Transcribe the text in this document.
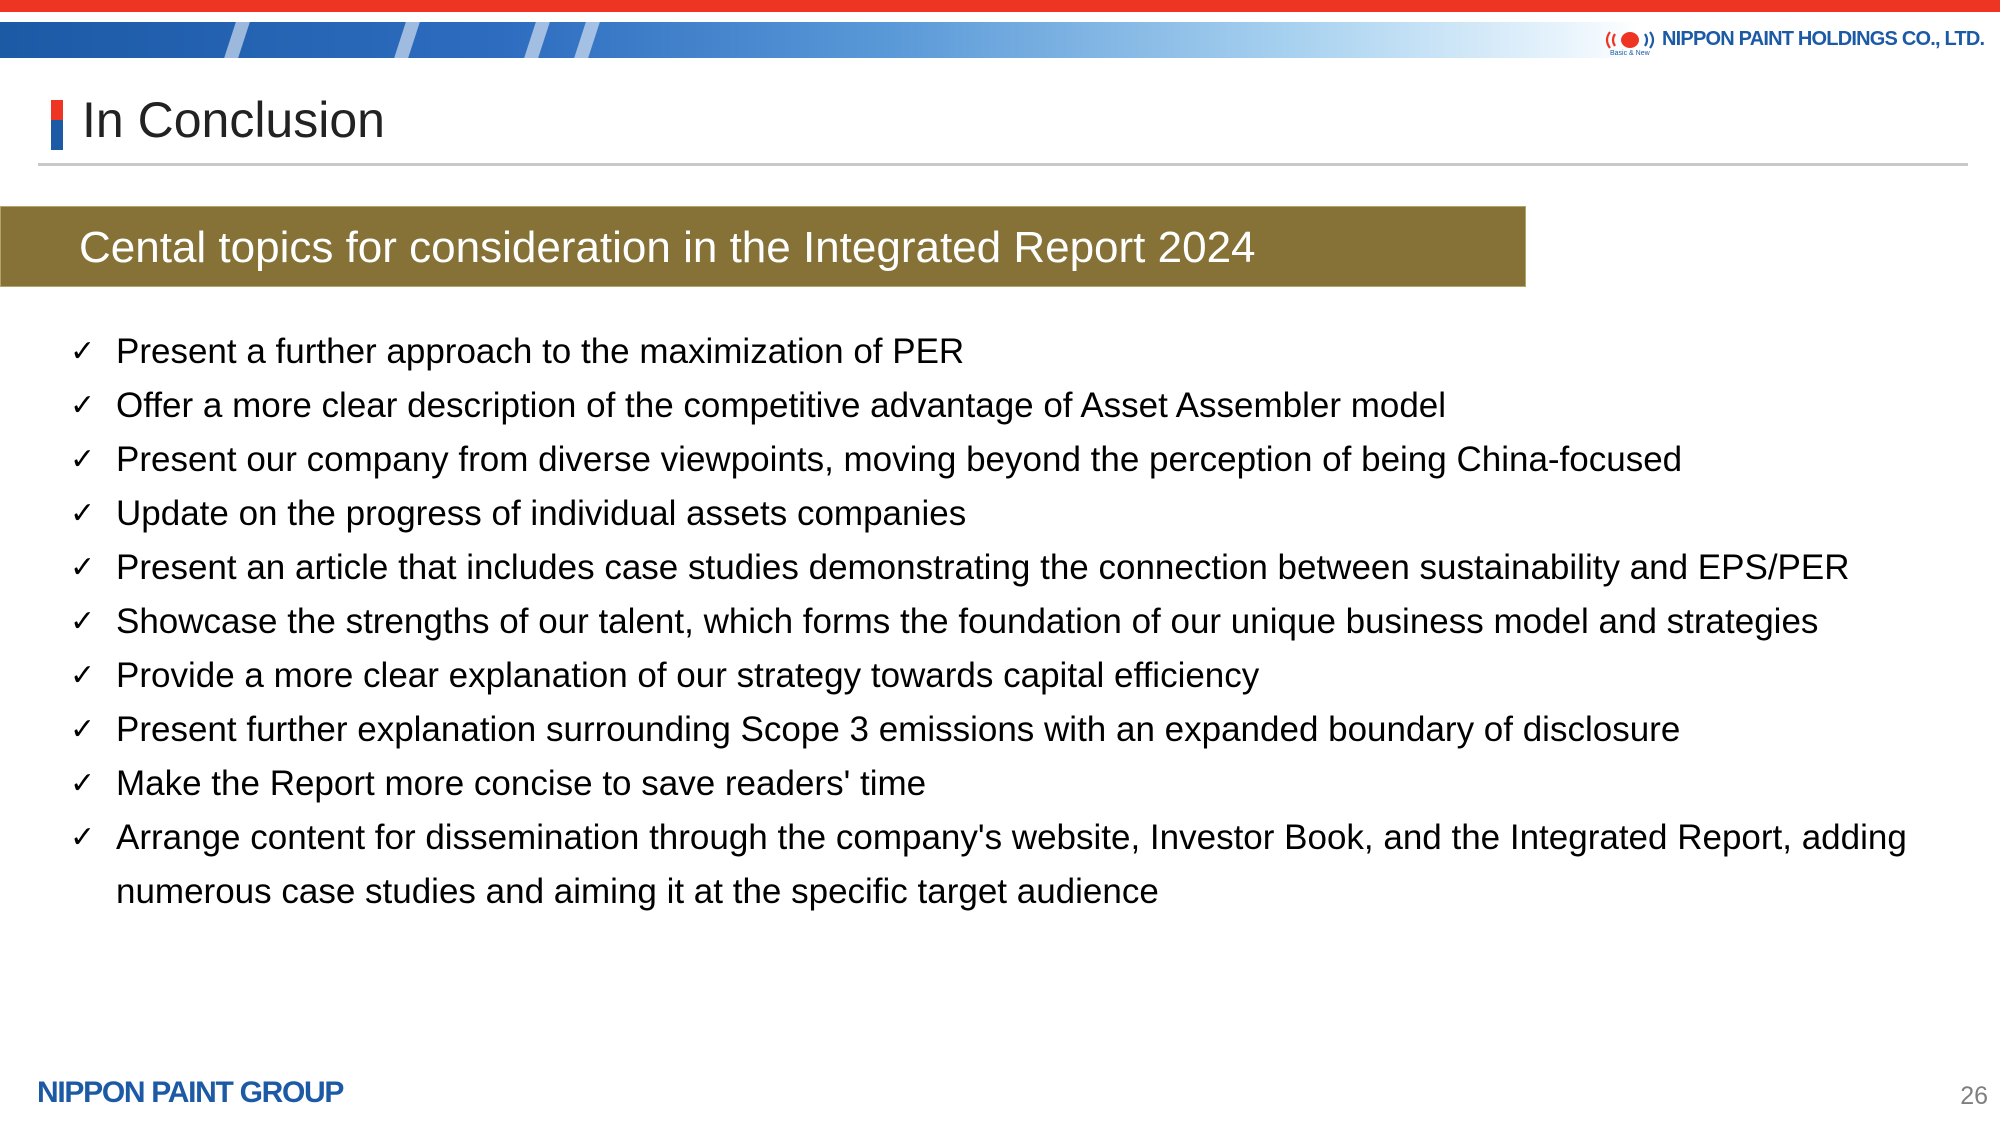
Basic & New
NIPPON PAINT HOLDINGS CO., LTD.
In Conclusion
Cental topics for consideration in the Integrated Report 2024
✓ Present a further approach to the maximization of PER
✓ Offer a more clear description of the competitive advantage of Asset Assembler model
✓ Present our company from diverse viewpoints, moving beyond the perception of being China-focused
✓ Update on the progress of individual assets companies
✓ Present an article that includes case studies demonstrating the connection between sustainability and EPS/PER
✓ Showcase the strengths of our talent, which forms the foundation of our unique business model and strategies
✓ Provide a more clear explanation of our strategy towards capital efficiency
✓ Present further explanation surrounding Scope 3 emissions with an expanded boundary of disclosure
✓ Make the Report more concise to save readers' time
✓ Arrange content for dissemination through the company's website, Investor Book, and the Integrated Report, adding numerous case studies and aiming it at the specific target audience
NIPPON PAINT GROUP	26
